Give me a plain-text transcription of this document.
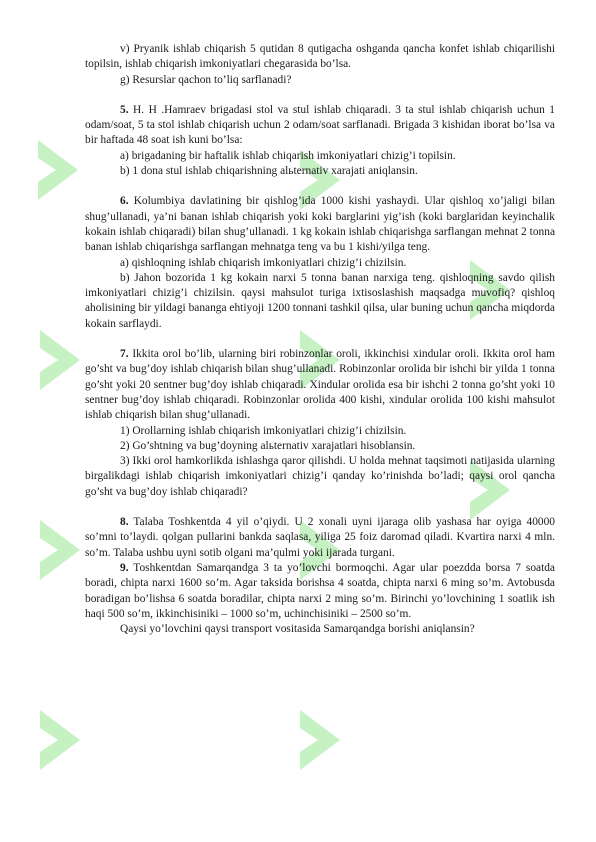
v) Pryanik ishlab chiqarish 5 qutidan 8 qutigacha oshganda qancha konfet ishlab chiqarilishi topilsin, ishlab chiqarish imkoniyatlari chegarasida bo’lsa.

g) Resurslar qachon to’liq sarflanadi?

5. H. H .Hamraev brigadasi stol va stul ishlab chiqaradi. 3 ta stul ishlab chiqarish uchun 1 odam/soat, 5 ta stol ishlab chiqarish uchun 2 odam/soat sarflanadi. Brigada 3 kishidan iborat bo’lsa va bir haftada 48 soat ish kuni bo’lsa:

a) brigadaning bir haftalik ishlab chiqarish imkoniyatlari chizig’i topilsin.

b) 1 dona stul ishlab chiqarishning alьternativ xarajati aniqlansin.

6. Kolumbiya davlatining bir qishlog’ida 1000 kishi yashaydi. Ular qishloq xo’jaligi bilan shug’ullanadi, ya’ni banan ishlab chiqarish yoki koki barglarini yig’ish (koki barglaridan keyinchalik kokain ishlab chiqaradi) bilan shug’ullanadi. 1 kg kokain ishlab chiqarishga sarflangan mehnat 2 tonna banan ishlab chiqarishga sarflangan mehnatga teng va bu 1 kishi/yilga teng.

a) qishloqning ishlab chiqarish imkoniyatlari chizig’i chizilsin.

b) Jahon bozorida 1 kg kokain narxi 5 tonna banan narxiga teng. qishloqning savdo qilish imkoniyatlari chizig’i chizilsin. qaysi mahsulot turiga ixtisoslashish maqsadga muvofiq? qishloq aholisining bir yildagi bananga ehtiyoji 1200 tonnani tashkil qilsa, ular buning uchun qancha miqdorda kokain sarflaydi.

7. Ikkita orol bo’lib, ularning biri robinzonlar oroli, ikkinchisi xindular oroli. Ikkita orol ham go’sht va bug’doy ishlab chiqarish bilan shug’ullanadi. Robinzonlar orolida bir ishchi bir yilda 1 tonna go’sht yoki 20 sentner bug’doy ishlab chiqaradi. Xindular orolida esa bir ishchi 2 tonna go’sht yoki 10 sentner bug’doy ishlab chiqaradi. Robinzonlar orolida 400 kishi, xindular orolida 100 kishi mahsulot ishlab chiqarish bilan shug’ullanadi.

1) Orollarning ishlab chiqarish imkoniyatlari chizig’i chizilsin.

2) Go’shtning va bug’doyning alьternativ xarajatlari hisoblansin.

3) Ikki orol hamkorlikda ishlashga qaror qilishdi. U holda mehnat taqsimoti natijasida ularning birgalikdagi ishlab chiqarish imkoniyatlari chizig’i qanday ko’rinishda bo’ladi; qaysi orol qancha go’sht va bug’doy ishlab chiqaradi?

8. Talaba Toshkentda 4 yil o’qiydi. U 2 xonali uyni ijaraga olib yashasa har oyiga 40000 so’mni to’laydi. qolgan pullarini bankda saqlasa, yiliga 25 foiz daromad qiladi. Kvartira narxi 4 mln. so’m. Talaba ushbu uyni sotib olgani ma’qulmi yoki ijarada turgani.

9. Toshkentdan Samarqandga 3 ta yo’lovchi bormoqchi. Agar ular poezdda borsa 7 soatda boradi, chipta narxi 1600 so’m. Agar taksida borishsa 4 soatda, chipta narxi 6 ming so’m. Avtobusda boradigan bo’lishsa 6 soatda boradilar, chipta narxi 2 ming so’m. Birinchi yo’lovchining 1 soatlik ish haqi 500 so’m, ikkinchisiniki – 1000 so’m, uchinchisiniki – 2500 so’m.

Qaysi yo’lovchini qaysi transport vositasida Samarqandga borishi aniqlansin?
